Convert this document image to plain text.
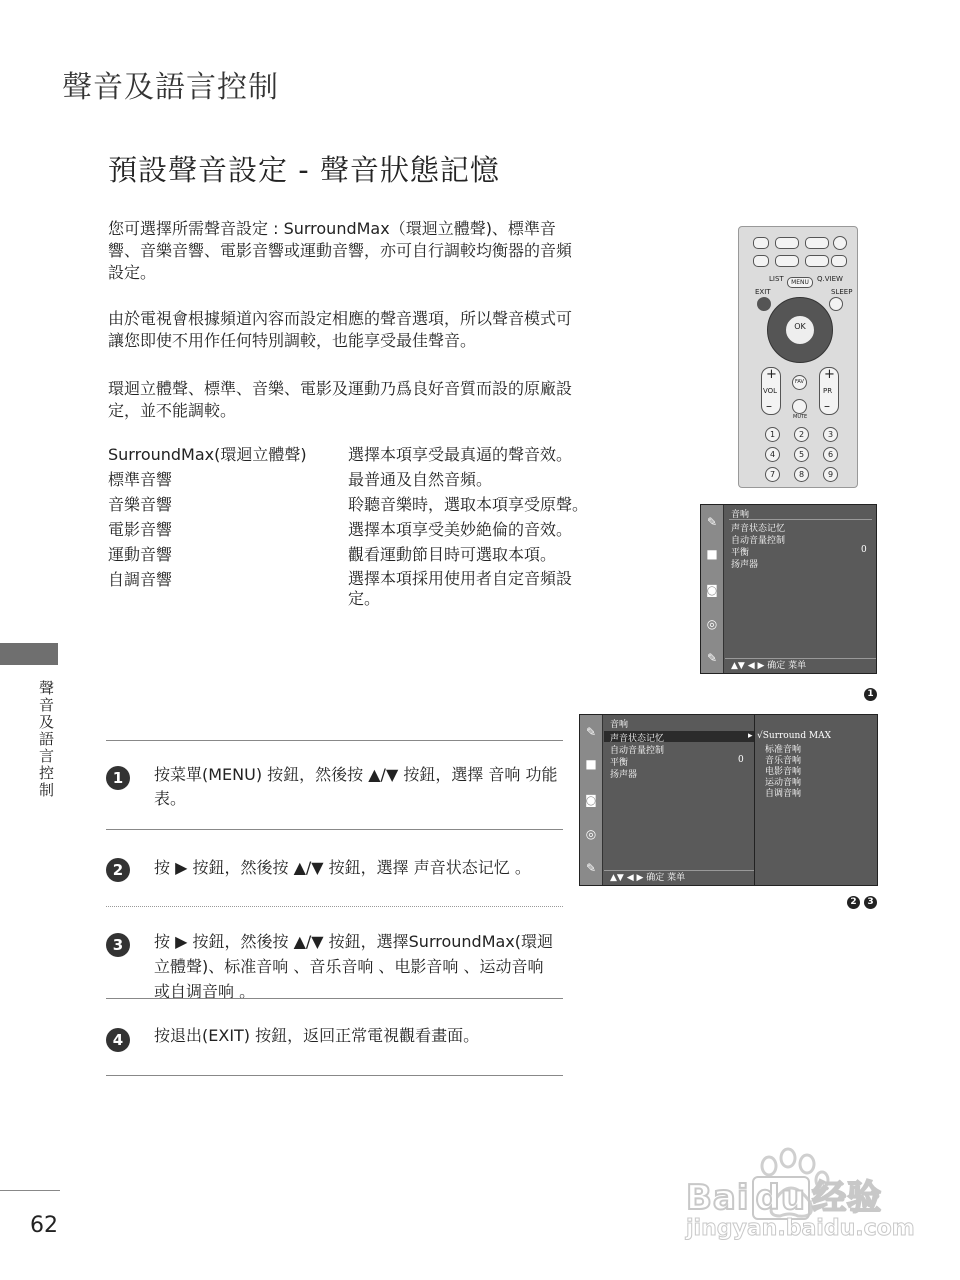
聲音及語言控制
預設聲音設定 - 聲音狀態記憶
您可選擇所需聲音設定 : SurroundMax（環迴立體聲)、標準音響、音樂音響、電影音響或運動音響，亦可自行調較均衡器的音頻設定。
由於電視會根據頻道內容而設定相應的聲音選項，所以聲音模式可讓您即使不用作任何特別調較，也能享受最佳聲音。
環迴立體聲、標準、音樂、電影及運動乃爲良好音質而設的原廠設定，並不能調較。
SurroundMax(環迴立體聲)	選擇本項享受最真逼的聲音效。
標準音響	最普通及自然音頻。
音樂音響	聆聽音樂時，選取本項享受原聲。
電影音響	選擇本項享受美妙絶倫的音效。
運動音響	觀看運動節目時可選取本項。
自調音響	選擇本項採用使用者自定音頻設定。
聲音及語言控制
62
1	按菜單(MENU) 按鈕，然後按 ▲/▼ 按鈕，選擇 音响 功能表。
2	按 ▶ 按鈕，然後按 ▲/▼ 按鈕，選擇 声音状态记忆 。
3	按 ▶ 按鈕，然後按 ▲/▼ 按鈕，選擇SurroundMax(環迴立體聲)、标准音响 、音乐音响 、电影音响 、运动音响 或自调音响 。
4	按退出(EXIT) 按鈕，返回正常電視觀看畫面。
LIST	MENU	Q.VIEW
EXIT	SLEEP
OK
+
VOL
–
FAV
MUTE
+
PR
–
1	2	3
4	5	6
7	8	9
✎
■
◙
◎
✎
音响
声音状态记忆
自动音量控制
平衡	0
扬声器
▲▼ ◀ ▶ 确定 菜单
1
✎
■
◙
◎
✎
音响
声音状态记忆	▸
自动音量控制
平衡	0
扬声器
▲▼ ◀ ▶ 确定 菜单
√Surround MAX
标准音响
音乐音响
电影音响
运动音响
自调音响
2	3
Bai du 经验
jingyan.baidu.com
